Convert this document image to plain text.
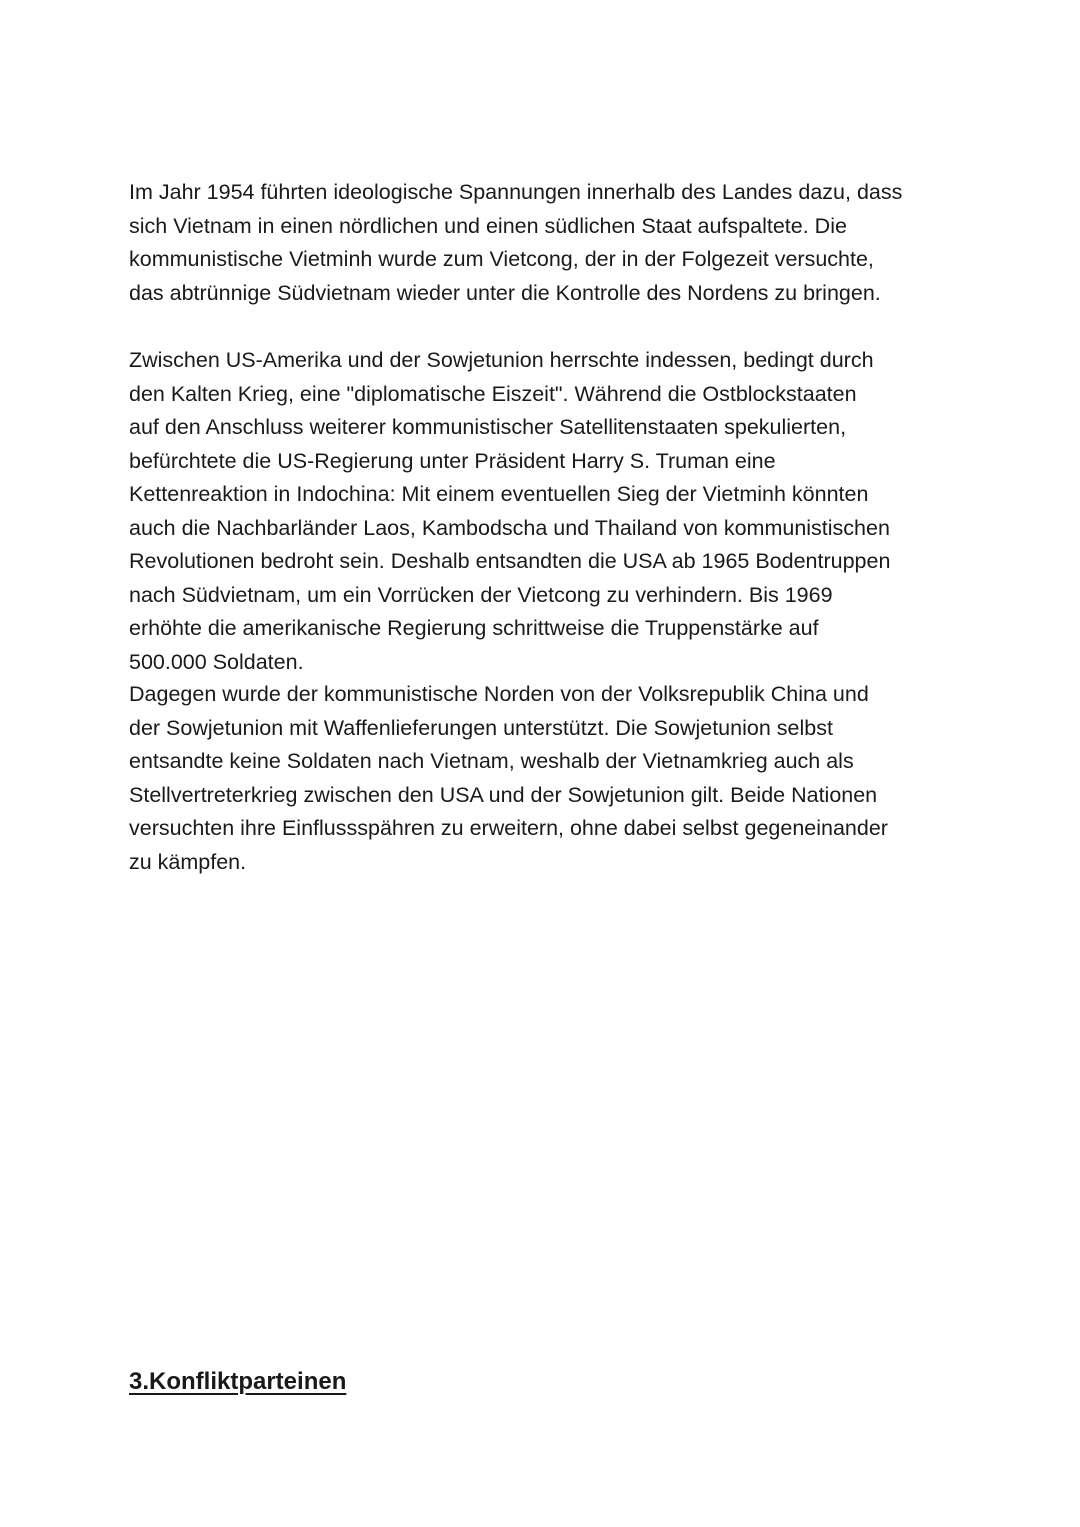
Im Jahr 1954 führten ideologische Spannungen innerhalb des Landes dazu, dass
sich Vietnam in einen nördlichen und einen südlichen Staat aufspaltete. Die
kommunistische Vietminh wurde zum Vietcong, der in der Folgezeit versuchte,
das abtrünnige Südvietnam wieder unter die Kontrolle des Nordens zu bringen.

Zwischen US-Amerika und der Sowjetunion herrschte indessen, bedingt durch
den Kalten Krieg, eine "diplomatische Eiszeit". Während die Ostblockstaaten
auf den Anschluss weiterer kommunistischer Satellitenstaaten spekulierten,
befürchtete die US-Regierung unter Präsident Harry S. Truman eine
Kettenreaktion in Indochina: Mit einem eventuellen Sieg der Vietminh könnten
auch die Nachbarländer Laos, Kambodscha und Thailand von kommunistischen
Revolutionen bedroht sein. Deshalb entsandten die USA ab 1965 Bodentruppen
nach Südvietnam, um ein Vorrücken der Vietcong zu verhindern. Bis 1969
erhöhte die amerikanische Regierung schrittweise die Truppenstärke auf
500.000 Soldaten.

Dagegen wurde der kommunistische Norden von der Volksrepublik China und
der Sowjetunion mit Waffenlieferungen unterstützt. Die Sowjetunion selbst
entsandte keine Soldaten nach Vietnam, weshalb der Vietnamkrieg auch als
Stellvertreterkrieg zwischen den USA und der Sowjetunion gilt. Beide Nationen
versuchten ihre Einflussspähren zu erweitern, ohne dabei selbst gegeneinander
zu kämpfen.

3.Konfliktparteinen
